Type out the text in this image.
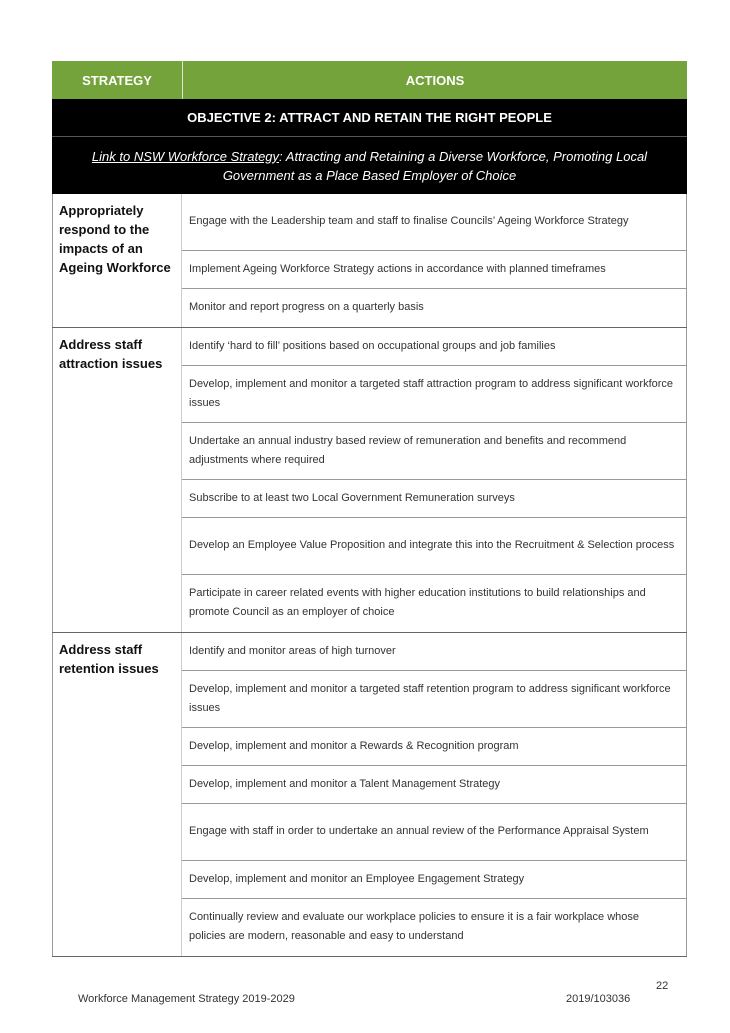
STRATEGY	ACTIONS
OBJECTIVE 2: ATTRACT AND RETAIN THE RIGHT PEOPLE
Link to NSW Workforce Strategy: Attracting and Retaining a Diverse Workforce, Promoting Local Government as a Place Based Employer of Choice
Appropriately respond to the impacts of an Ageing Workforce
Engage with the Leadership team and staff to finalise Councils’ Ageing Workforce Strategy
Implement Ageing Workforce Strategy actions in accordance with planned timeframes
Monitor and report progress on a quarterly basis
Address staff attraction issues
Identify ‘hard to fill’ positions based on occupational groups and job families
Develop, implement and monitor a targeted staff attraction program to address significant workforce issues
Undertake an annual industry based review of remuneration and benefits and recommend adjustments where required
Subscribe to at least two Local Government Remuneration surveys
Develop an Employee Value Proposition and integrate this into the Recruitment & Selection process
Participate in career related events with higher education institutions to build relationships and promote Council as an employer of choice
Address staff retention issues
Identify and monitor areas of high turnover
Develop, implement and monitor a targeted staff retention program to address significant workforce issues
Develop, implement and monitor a Rewards & Recognition program
Develop, implement and monitor a Talent Management Strategy
Engage with staff in order to undertake an annual review of the Performance Appraisal System
Develop, implement and monitor an Employee Engagement Strategy
Continually review and evaluate our workplace policies to ensure it is a fair workplace whose policies are modern, reasonable and easy to understand
22
Workforce Management Strategy 2019-2029	2019/103036
